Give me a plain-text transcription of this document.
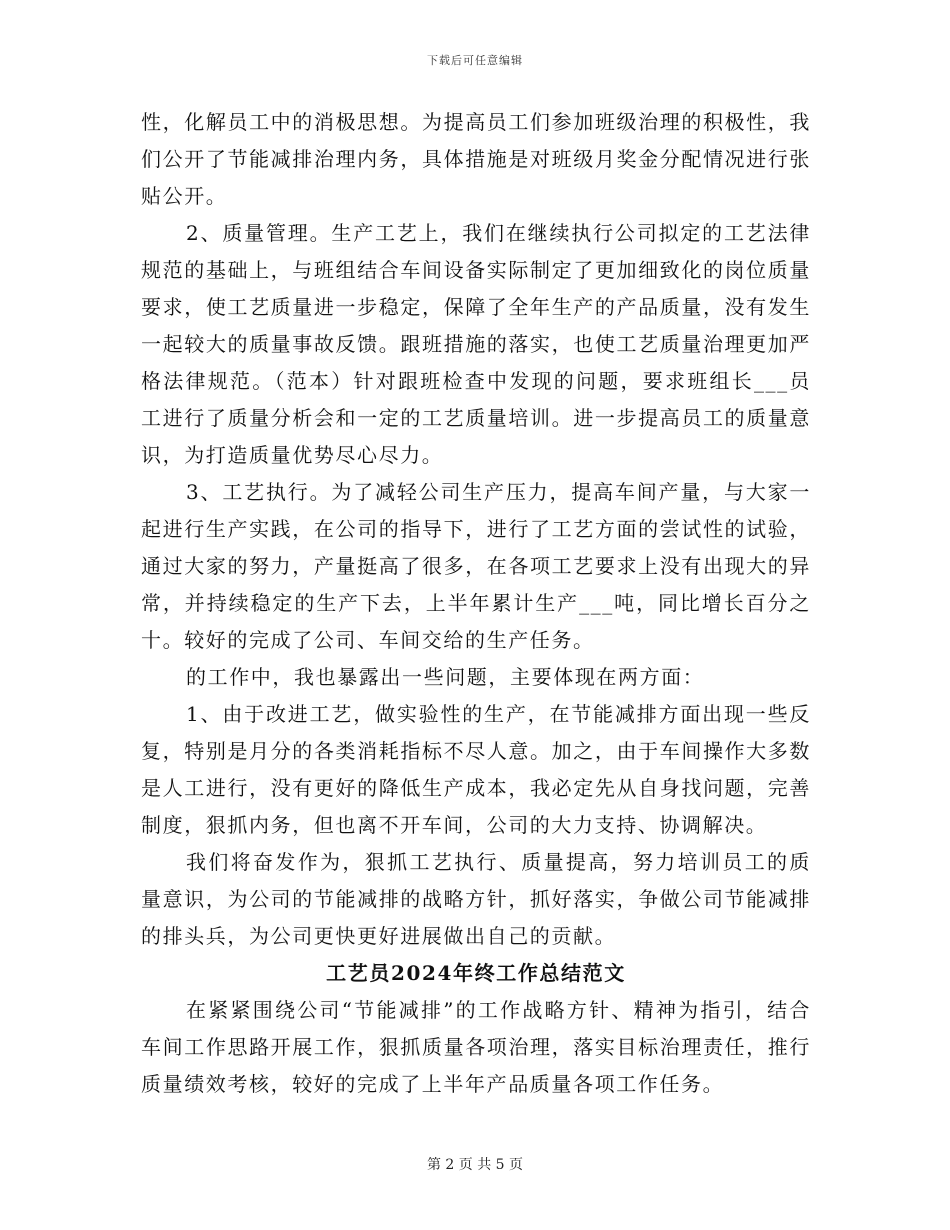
下载后可任意编辑

性，化解员工中的消极思想。为提高员工们参加班级治理的积极性，我们公开了节能减排治理内务，具体措施是对班级月奖金分配情况进行张贴公开。

2、质量管理。生产工艺上，我们在继续执行公司拟定的工艺法律规范的基础上，与班组结合车间设备实际制定了更加细致化的岗位质量要求，使工艺质量进一步稳定，保障了全年生产的产品质量，没有发生一起较大的质量事故反馈。跟班措施的落实，也使工艺质量治理更加严格法律规范。（范本）针对跟班检查中发现的问题，要求班组长___员工进行了质量分析会和一定的工艺质量培训。进一步提高员工的质量意识，为打造质量优势尽心尽力。

3、工艺执行。为了减轻公司生产压力，提高车间产量，与大家一起进行生产实践，在公司的指导下，进行了工艺方面的尝试性的试验，通过大家的努力，产量挺高了很多，在各项工艺要求上没有出现大的异常，并持续稳定的生产下去，上半年累计生产___吨，同比增长百分之十。较好的完成了公司、车间交给的生产任务。

的工作中，我也暴露出一些问题，主要体现在两方面：

1、由于改进工艺，做实验性的生产，在节能减排方面出现一些反复，特别是月分的各类消耗指标不尽人意。加之，由于车间操作大多数是人工进行，没有更好的降低生产成本，我必定先从自身找问题，完善制度，狠抓内务，但也离不开车间，公司的大力支持、协调解决。

我们将奋发作为，狠抓工艺执行、质量提高，努力培训员工的质量意识，为公司的节能减排的战略方针，抓好落实，争做公司节能减排的排头兵，为公司更快更好进展做出自己的贡献。

工艺员2024年终工作总结范文

在紧紧围绕公司“节能减排”的工作战略方针、精神为指引，结合车间工作思路开展工作，狠抓质量各项治理，落实目标治理责任，推行质量绩效考核，较好的完成了上半年产品质量各项工作任务。

第 2 页 共 5 页
